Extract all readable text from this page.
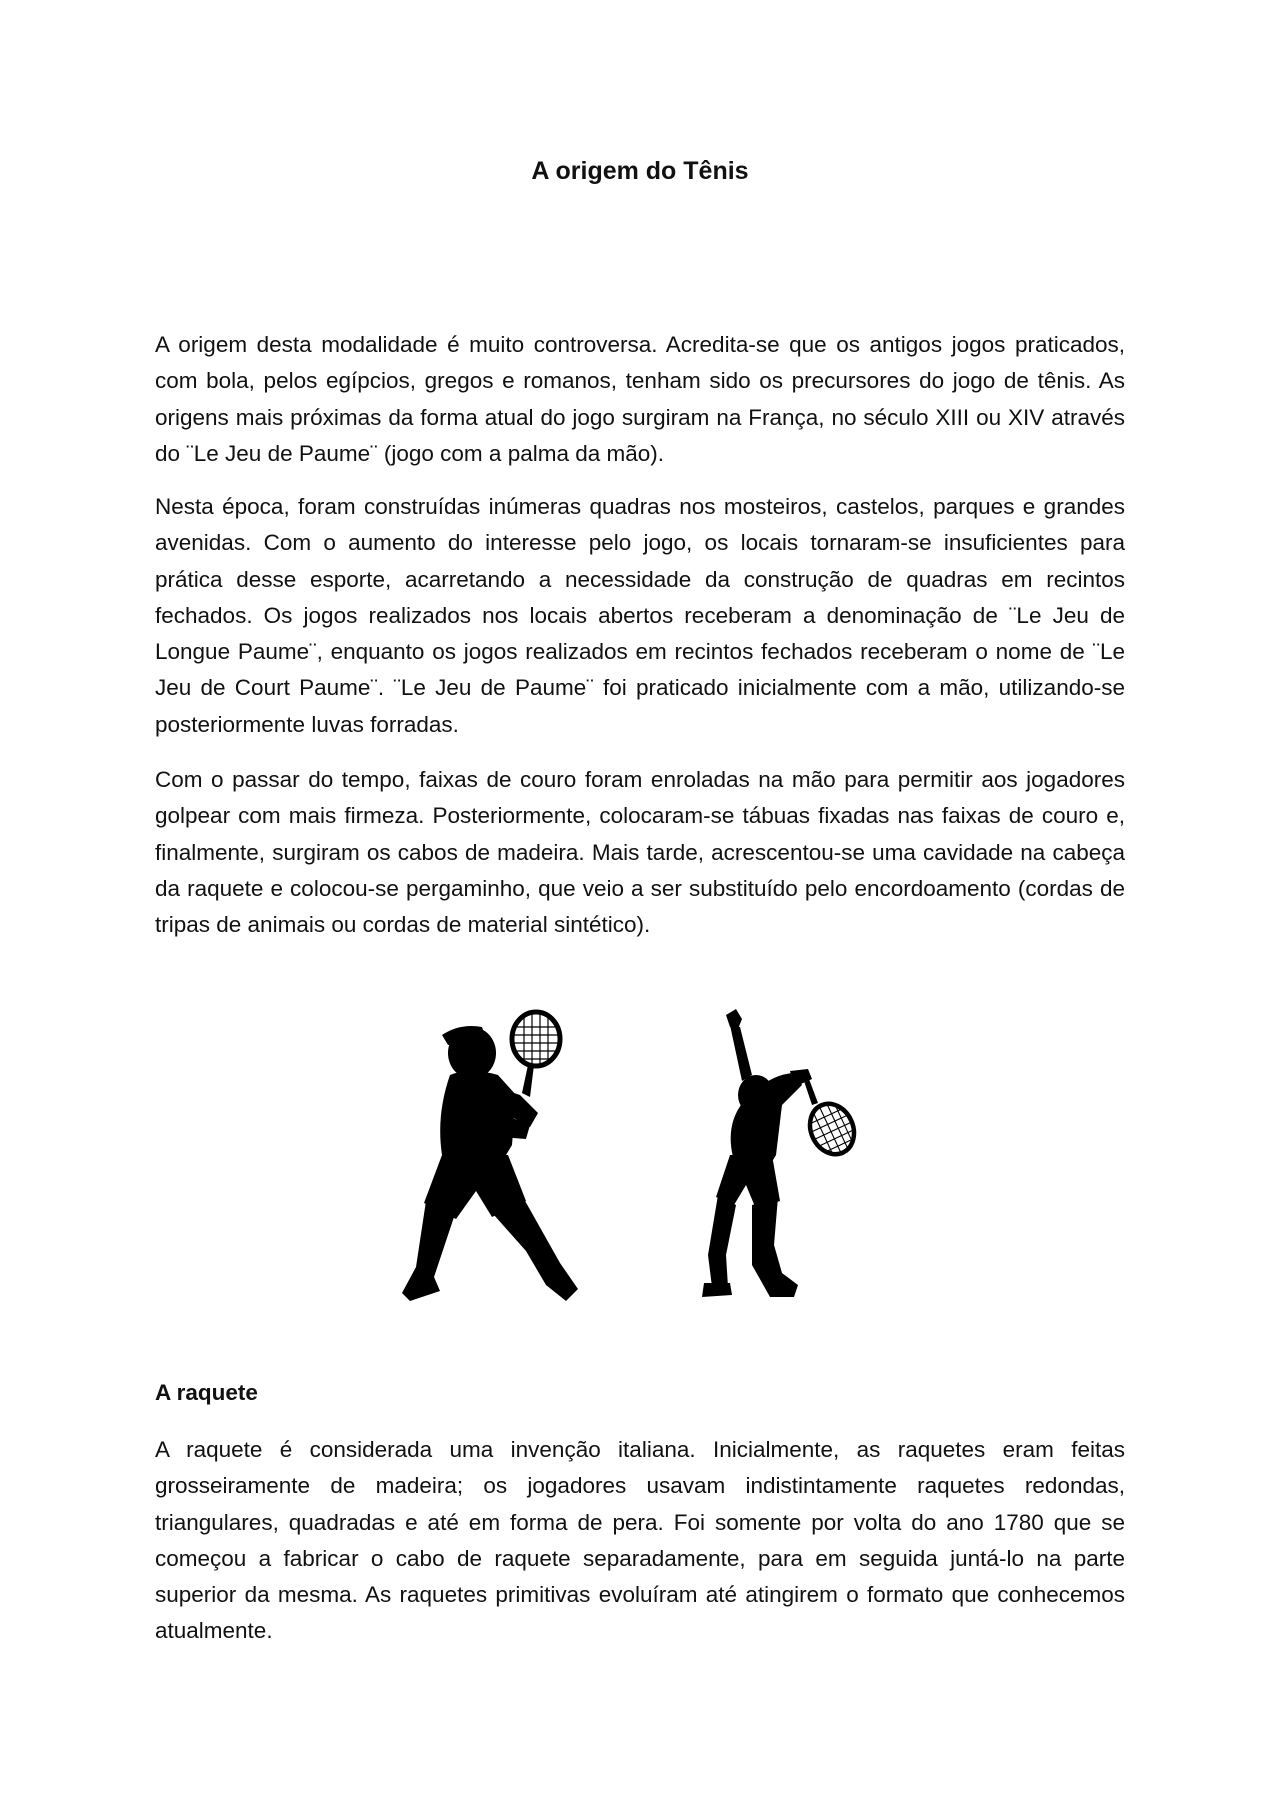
A origem do Tênis

A origem desta modalidade é muito controversa. Acredita-se que os antigos jogos praticados, com bola, pelos egípcios, gregos e romanos, tenham sido os precursores do jogo de tênis. As origens mais próximas da forma atual do jogo surgiram na França, no século XIII ou XIV através do ¨Le Jeu de Paume¨ (jogo com a palma da mão).

Nesta época, foram construídas inúmeras quadras nos mosteiros, castelos, parques e grandes avenidas. Com o aumento do interesse pelo jogo, os locais tornaram-se insuficientes para prática desse esporte, acarretando a necessidade da construção de quadras em recintos fechados. Os jogos realizados nos locais abertos receberam a denominação de ¨Le Jeu de Longue Paume¨, enquanto os jogos realizados em recintos fechados receberam o nome de ¨Le Jeu de Court Paume¨. ¨Le Jeu de Paume¨ foi praticado inicialmente com a mão, utilizando-se posteriormente luvas forradas.

Com o passar do tempo, faixas de couro foram enroladas na mão para permitir aos jogadores golpear com mais firmeza. Posteriormente, colocaram-se tábuas fixadas nas faixas de couro e, finalmente, surgiram os cabos de madeira. Mais tarde, acrescentou-se uma cavidade na cabeça da raquete e colocou-se pergaminho, que veio a ser substituído pelo encordoamento (cordas de tripas de animais ou cordas de material sintético).

A raquete

A raquete é considerada uma invenção italiana. Inicialmente, as raquetes eram feitas grosseiramente de madeira; os jogadores usavam indistintamente raquetes redondas, triangulares, quadradas e até em forma de pera. Foi somente por volta do ano 1780 que se começou a fabricar o cabo de raquete separadamente, para em seguida juntá-lo na parte superior da mesma. As raquetes primitivas evoluíram até atingirem o formato que conhecemos atualmente.
